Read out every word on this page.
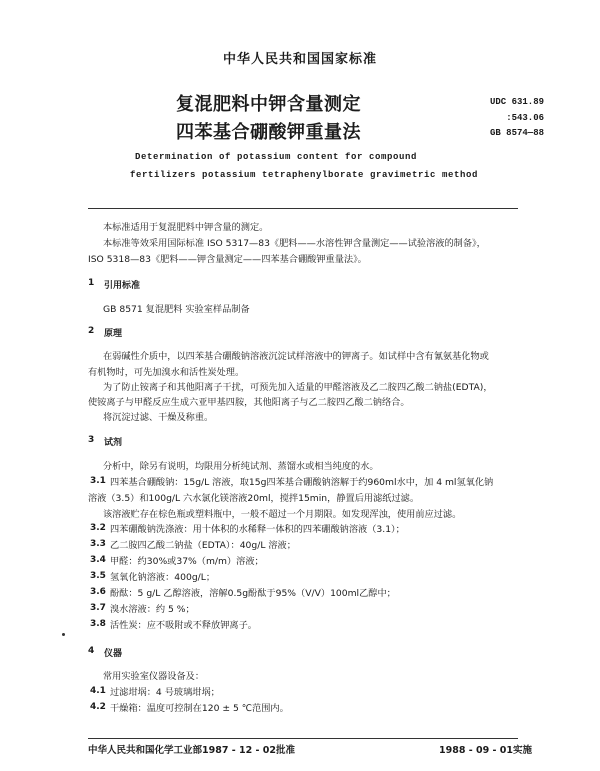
中华人民共和国国家标准
复混肥料中钾含量测定
四苯基合硼酸钾重量法
UDC 631.89
:543.06
GB 8574—88
Determination of potassium content for compound
fertilizers potassium tetraphenylborate gravimetric method
本标准适用于复混肥料中钾含量的测定。
本标准等效采用国际标准 ISO 5317—83《肥料——水溶性钾含量测定——试验溶液的制备》，
ISO 5318—83《肥料——钾含量测定——四苯基合硼酸钾重量法》。
1 引用标准
GB 8571 复混肥料 实验室样品制备
2 原理
在弱碱性介质中，以四苯基合硼酸钠溶液沉淀试样溶液中的钾离子。如试样中含有氰氨基化物或
有机物时，可先加溴水和活性炭处理。
为了防止铵离子和其他阳离子干扰，可预先加入适量的甲醛溶液及乙二胺四乙酸二钠盐(EDTA)，
使铵离子与甲醛反应生成六亚甲基四胺，其他阳离子与乙二胺四乙酸二钠络合。
将沉淀过滤、干燥及称重。
3 试剂
分析中，除另有说明，均限用分析纯试剂、蒸馏水或相当纯度的水。
3.1 四苯基合硼酸钠：15g/L 溶液，取15g四苯基合硼酸钠溶解于约960ml水中，加 4 ml氢氧化钠
溶液（3.5）和100g/L 六水氯化镁溶液20ml，搅拌15min，静置后用滤纸过滤。
该溶液贮存在棕色瓶或塑料瓶中，一般不超过一个月期限。如发现浑浊，使用前应过滤。
3.2 四苯硼酸钠洗涤液：用十体积的水稀释一体积的四苯硼酸钠溶液（3.1）；
3.3 乙二胺四乙酸二钠盐（EDTA）：40g/L 溶液；
3.4 甲醛：约30%或37%（m/m）溶液；
3.5 氢氧化钠溶液：400g/L；
3.6 酚酞：5 g/L 乙醇溶液，溶解0.5g酚酞于95%（V/V）100ml乙醇中；
3.7 溴水溶液：约 5 %；
3.8 活性炭：应不吸附或不释放钾离子。
4 仪器
常用实验室仪器设备及：
4.1 过滤坩埚：4 号玻璃坩埚；
4.2 干燥箱：温度可控制在120 ± 5 ℃范围内。
中华人民共和国化学工业部1987 - 12 - 02批准	1988 - 09 - 01实施
